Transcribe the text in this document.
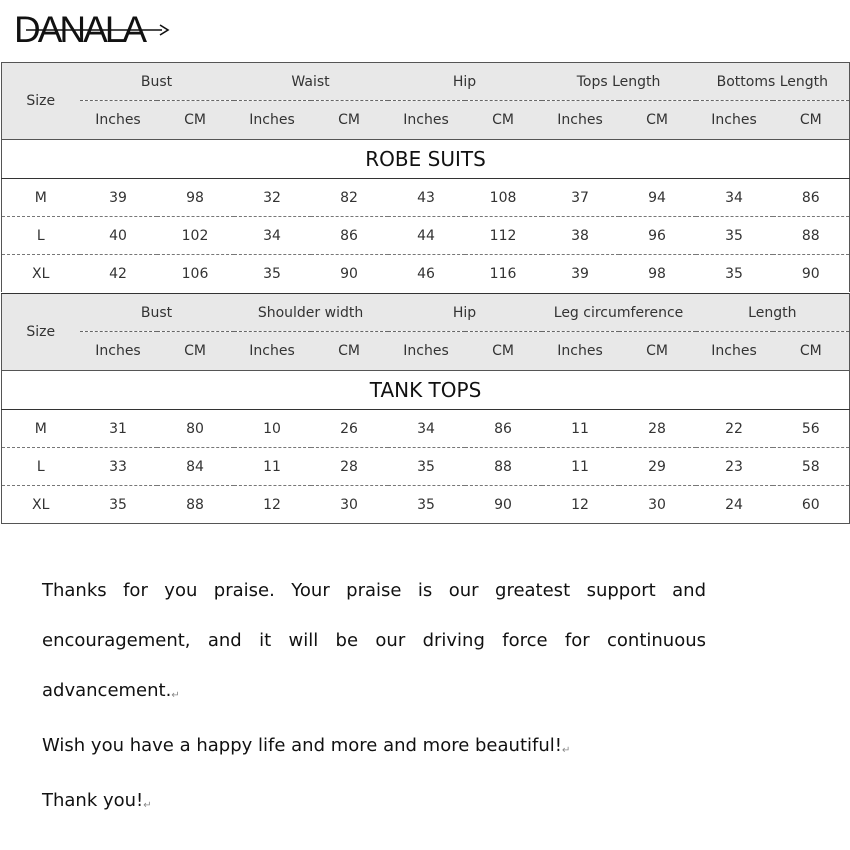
DANALA
Size	Bust		Waist		Hip		Tops Length		Bottoms Length	
	Inches	CM	Inches	CM	Inches	CM	Inches	CM	Inches	CM
ROBE SUITS										
M	39	98	32	82	43	108	37	94	34	86
L	40	102	34	86	44	112	38	96	35	88
XL	42	106	35	90	46	116	39	98	35	90
Size	Bust		Shoulder width		Hip		Leg circumference		Length	
	Inches	CM	Inches	CM	Inches	CM	Inches	CM	Inches	CM
TANK TOPS										
M	31	80	10	26	34	86	11	28	22	56
L	33	84	11	28	35	88	11	29	23	58
XL	35	88	12	30	35	90	12	30	24	60

Thanks for you praise. Your praise is our greatest support and encouragement, and it will be our driving force for continuous advancement.↵

Wish you have a happy life and more and more beautiful!↵

Thank you!↵
